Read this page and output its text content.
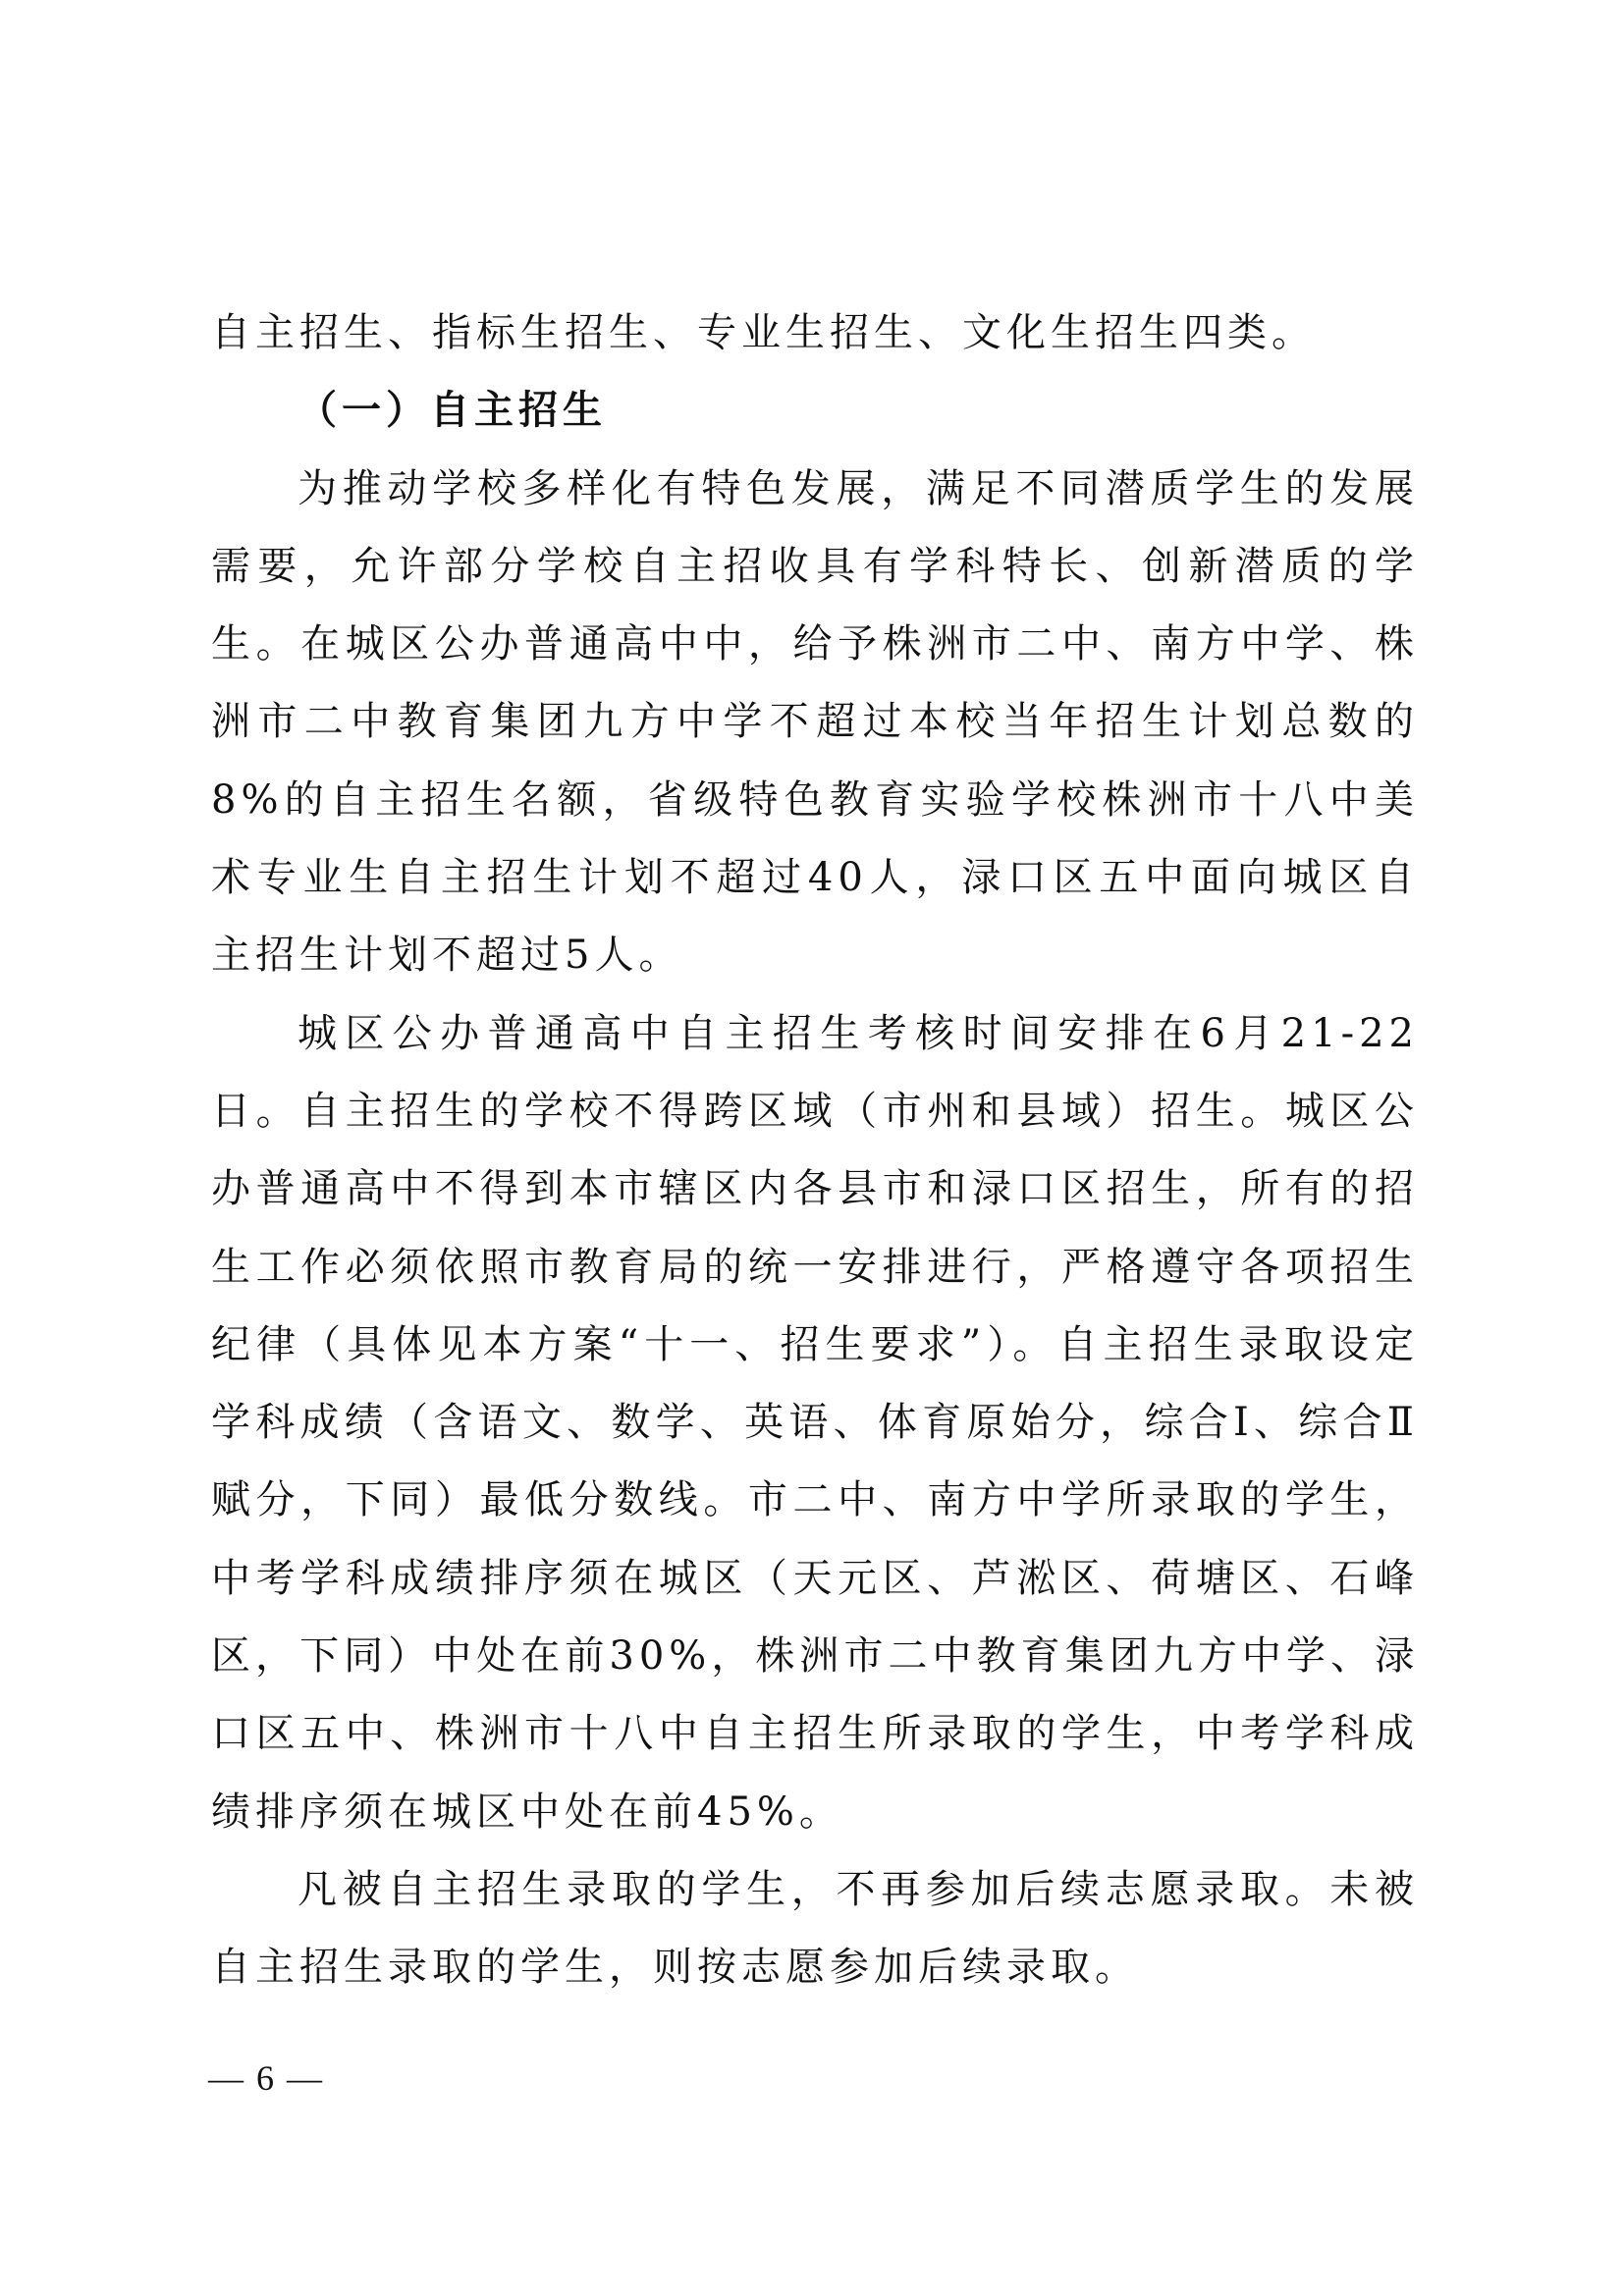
自主招生、指标生招生、专业生招生、文化生招生四类。

（一）自主招生

为推动学校多样化有特色发展，满足不同潜质学生的发展需要，允许部分学校自主招收具有学科特长、创新潜质的学生。在城区公办普通高中中，给予株洲市二中、南方中学、株洲市二中教育集团九方中学不超过本校当年招生计划总数的8%的自主招生名额，省级特色教育实验学校株洲市十八中美术专业生自主招生计划不超过40人，渌口区五中面向城区自主招生计划不超过5人。

城区公办普通高中自主招生考核时间安排在6月21-22日。自主招生的学校不得跨区域（市州和县域）招生。城区公办普通高中不得到本市辖区内各县市和渌口区招生，所有的招生工作必须依照市教育局的统一安排进行，严格遵守各项招生纪律（具体见本方案“十一、招生要求”）。自主招生录取设定学科成绩（含语文、数学、英语、体育原始分，综合Ⅰ、综合Ⅱ赋分，下同）最低分数线。市二中、南方中学所录取的学生，中考学科成绩排序须在城区（天元区、芦淞区、荷塘区、石峰区，下同）中处在前30%，株洲市二中教育集团九方中学、渌口区五中、株洲市十八中自主招生所录取的学生，中考学科成绩排序须在城区中处在前45%。

凡被自主招生录取的学生，不再参加后续志愿录取。未被自主招生录取的学生，则按志愿参加后续录取。

— 6 —
